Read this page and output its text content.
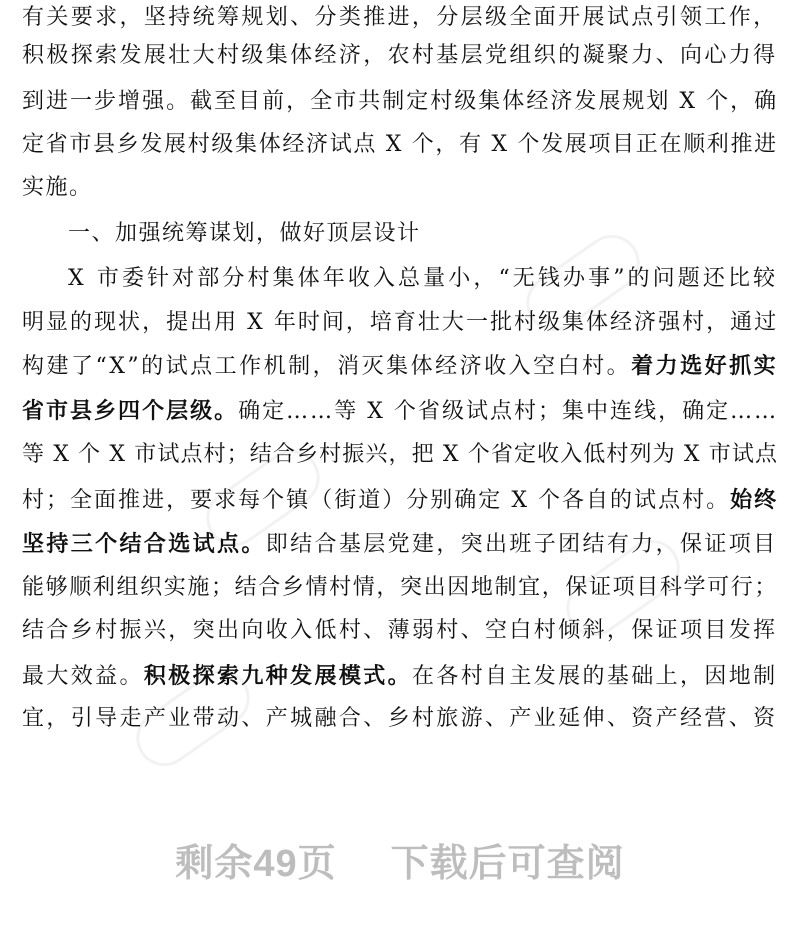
有关要求，坚持统筹规划、分类推进，分层级全面开展试点引领工作，
积极探索发展壮大村级集体经济，农村基层党组织的凝聚力、向心力得
到进一步增强。截至目前，全市共制定村级集体经济发展规划 X 个，确
定省市县乡发展村级集体经济试点 X 个，有 X 个发展项目正在顺利推进
实施。
一、加强统筹谋划，做好顶层设计
X 市委针对部分村集体年收入总量小，“无钱办事”的问题还比较
明显的现状，提出用 X 年时间，培育壮大一批村级集体经济强村，通过
构建了“X”的试点工作机制，消灭集体经济收入空白村。着力选好抓实
省市县乡四个层级。确定……等 X 个省级试点村；集中连线，确定……
等 X 个 X 市试点村；结合乡村振兴，把 X 个省定收入低村列为 X 市试点
村；全面推进，要求每个镇（街道）分别确定 X 个各自的试点村。始终
坚持三个结合选试点。即结合基层党建，突出班子团结有力，保证项目
能够顺利组织实施；结合乡情村情，突出因地制宜，保证项目科学可行；
结合乡村振兴，突出向收入低村、薄弱村、空白村倾斜，保证项目发挥
最大效益。积极探索九种发展模式。在各村自主发展的基础上，因地制
宜，引导走产业带动、产城融合、乡村旅游、产业延伸、资产经营、资
剩余49页 下载后可查阅
